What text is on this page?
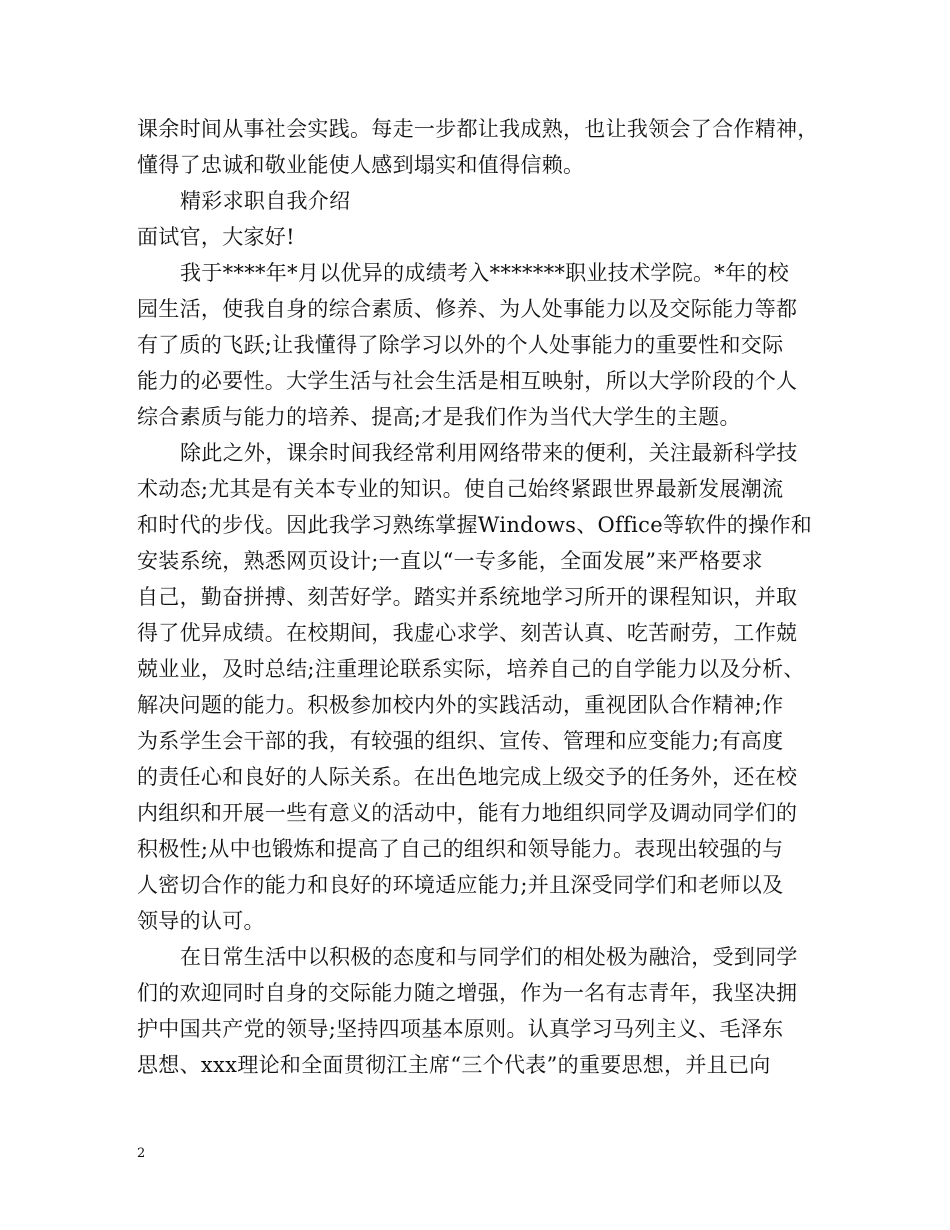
课余时间从事社会实践。每走一步都让我成熟，也让我领会了合作精神，
懂得了忠诚和敬业能使人感到塌实和值得信赖。
精彩求职自我介绍
面试官，大家好!
我于****年*月以优异的成绩考入*******职业技术学院。*年的校
园生活，使我自身的综合素质、修养、为人处事能力以及交际能力等都
有了质的飞跃;让我懂得了除学习以外的个人处事能力的重要性和交际
能力的必要性。大学生活与社会生活是相互映射，所以大学阶段的个人
综合素质与能力的培养、提高;才是我们作为当代大学生的主题。
除此之外，课余时间我经常利用网络带来的便利，关注最新科学技
术动态;尤其是有关本专业的知识。使自己始终紧跟世界最新发展潮流
和时代的步伐。因此我学习熟练掌握Windows、Office等软件的操作和
安装系统，熟悉网页设计;一直以“一专多能，全面发展”来严格要求
自己，勤奋拼搏、刻苦好学。踏实并系统地学习所开的课程知识，并取
得了优异成绩。在校期间，我虚心求学、刻苦认真、吃苦耐劳，工作兢
兢业业，及时总结;注重理论联系实际，培养自己的自学能力以及分析、
解决问题的能力。积极参加校内外的实践活动，重视团队合作精神;作
为系学生会干部的我，有较强的组织、宣传、管理和应变能力;有高度
的责任心和良好的人际关系。在出色地完成上级交予的任务外，还在校
内组织和开展一些有意义的活动中，能有力地组织同学及调动同学们的
积极性;从中也锻炼和提高了自己的组织和领导能力。表现出较强的与
人密切合作的能力和良好的环境适应能力;并且深受同学们和老师以及
领导的认可。
在日常生活中以积极的态度和与同学们的相处极为融洽，受到同学
们的欢迎同时自身的交际能力随之增强，作为一名有志青年，我坚决拥
护中国共产党的领导;坚持四项基本原则。认真学习马列主义、毛泽东
思想、xxx理论和全面贯彻江主席“三个代表”的重要思想，并且已向
2
